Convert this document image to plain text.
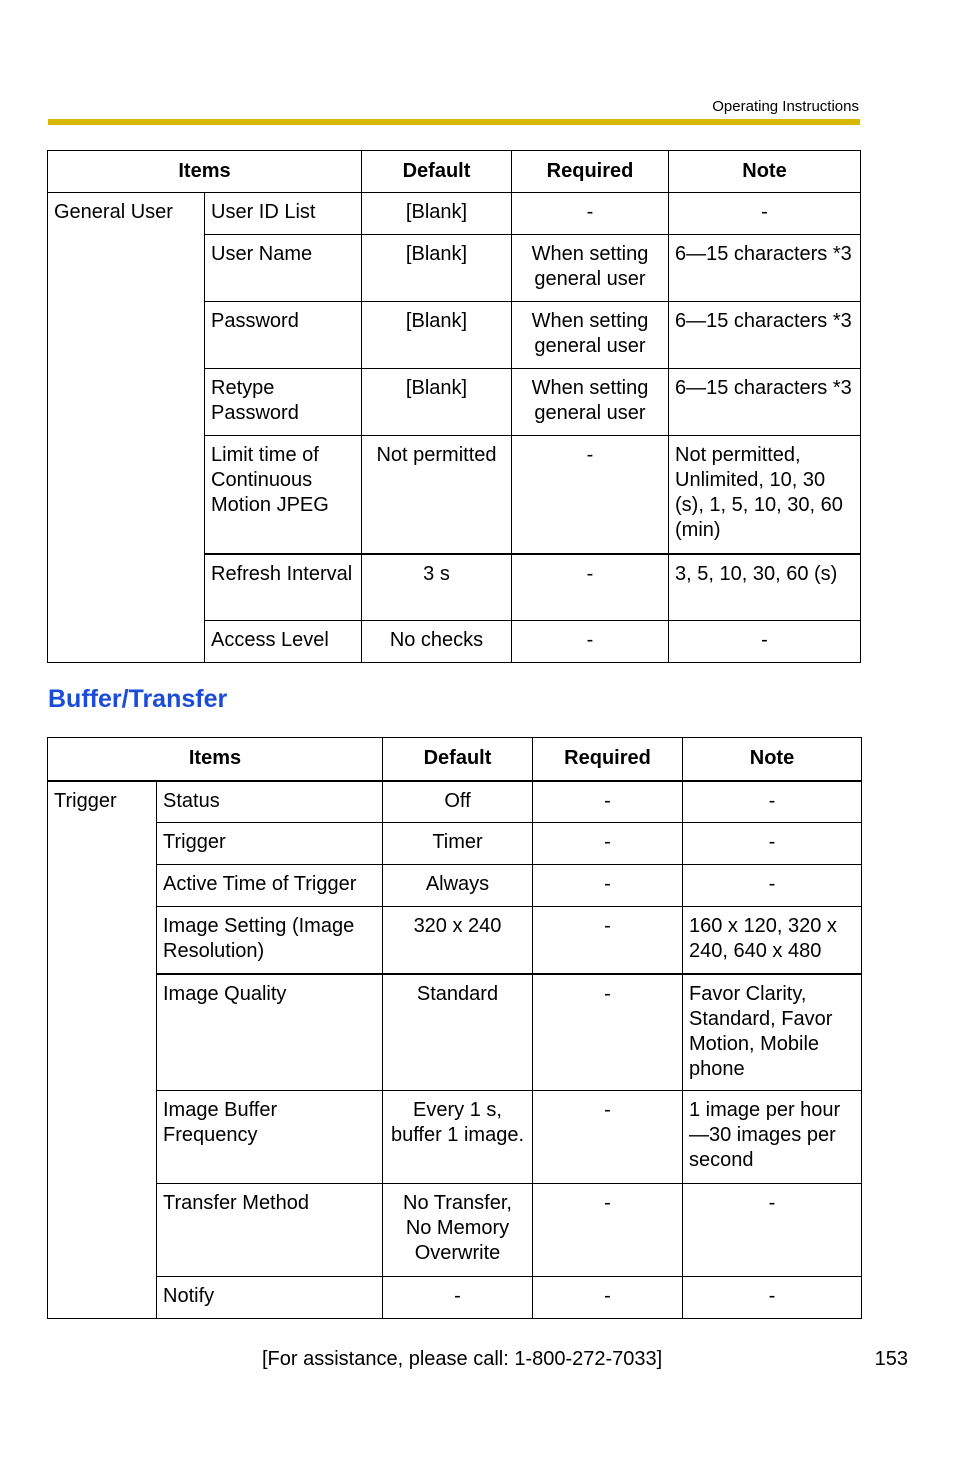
Operating Instructions
Items		Default	Required	Note
General User	User ID List	[Blank]	-	-
	User Name	[Blank]	When setting general user	6—15 characters *3
	Password	[Blank]	When setting general user	6—15 characters *3
	Retype Password	[Blank]	When setting general user	6—15 characters *3
	Limit time of Continuous Motion JPEG	Not permitted	-	Not permitted, Unlimited, 10, 30 (s), 1, 5, 10, 30, 60 (min)
	Refresh Interval	3 s	-	3, 5, 10, 30, 60 (s)
	Access Level	No checks	-	-
Buffer/Transfer
Items		Default	Required	Note
Trigger	Status	Off	-	-
	Trigger	Timer	-	-
	Active Time of Trigger	Always	-	-
	Image Setting (Image Resolution)	320 x 240	-	160 x 120, 320 x 240, 640 x 480
	Image Quality	Standard	-	Favor Clarity, Standard, Favor Motion, Mobile phone
	Image Buffer Frequency	Every 1 s, buffer 1 image.	-	1 image per hour—30 images per second
	Transfer Method	No Transfer, No Memory Overwrite	-	-
	Notify	-	-	-
[For assistance, please call: 1-800-272-7033]	153
